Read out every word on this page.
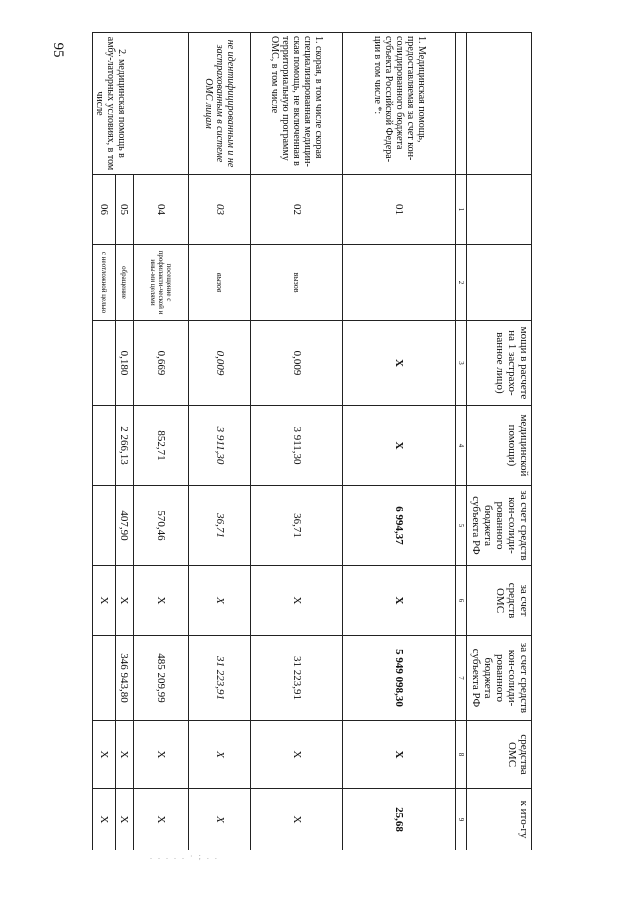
95
			мощи в расчете на 1 застрахо-ванное лицо)	медицинской помощи)	за счет средств кон-солиди-рованного бюджета субъекта РФ	за счет средств ОМС	за счет средств кон-солиди-рованного бюджета субъекта РФ	средства ОМС	к ито-гу
	1	2	3	4	5	6	7	8	9
1. Медицинская помощь, предоставляемая за счет кон-солидированного бюджета субъекта Российской Федера-ции в том числе *:	01		X	X	6 994,37	X	5 949 098,30	X	25,68
1. скорая, в том числе скорая специализированная медицин-ская помощь, не включенная в территориальную программу ОМС, в том числе	02	вызов	0,009	3 911,30	36,71	X	31 223,91	X	X
не идентифицированным и не застрахованным в системе ОМС лицам	03	вызов	0,009	3 911,30	36,71	X	31 223,91	X	X
2. медицинская помощь в амбу-латорных условиях, в том числе	04	посещение с профилакти-ческой и ины-ми целями	0,669	852,71	570,46	X	485 209,99	X	X
	05	обращение	0,180	2 266,13	407,90	X	346 943,80	X	X
	06	с неотложной целью				X		X	X
. . . . . · ; . .
